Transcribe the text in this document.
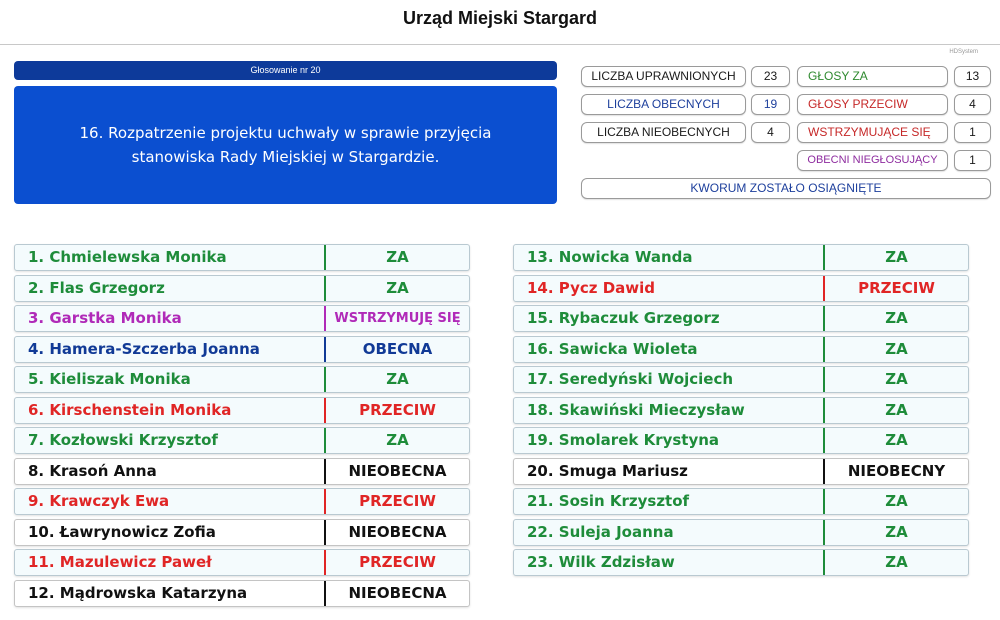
Urząd Miejski Stargard
HDSystem
Głosowanie nr 20
16. Rozpatrzenie projektu uchwały w sprawie przyjęcia stanowiska Rady Miejskiej w Stargardzie.
LICZBA UPRAWNIONYCH	23
LICZBA OBECNYCH	19
LICZBA NIEOBECNYCH	4
GŁOSY ZA	13
GŁOSY PRZECIW	4
WSTRZYMUJĄCE SIĘ	1
OBECNI NIEGŁOSUJĄCY	1
KWORUM ZOSTAŁO OSIĄGNIĘTE
1. Chmielewska Monika	ZA
2. Flas Grzegorz	ZA
3. Garstka Monika	WSTRZYMUJĘ SIĘ
4. Hamera-Szczerba Joanna	OBECNA
5. Kieliszak Monika	ZA
6. Kirschenstein Monika	PRZECIW
7. Kozłowski Krzysztof	ZA
8. Krasoń Anna	NIEOBECNA
9. Krawczyk Ewa	PRZECIW
10. Ławrynowicz Zofia	NIEOBECNA
11. Mazulewicz Paweł	PRZECIW
12. Mądrowska Katarzyna	NIEOBECNA
13. Nowicka Wanda	ZA
14. Pycz Dawid	PRZECIW
15. Rybaczuk Grzegorz	ZA
16. Sawicka Wioleta	ZA
17. Seredyński Wojciech	ZA
18. Skawiński Mieczysław	ZA
19. Smolarek Krystyna	ZA
20. Smuga Mariusz	NIEOBECNY
21. Sosin Krzysztof	ZA
22. Suleja Joanna	ZA
23. Wilk Zdzisław	ZA
